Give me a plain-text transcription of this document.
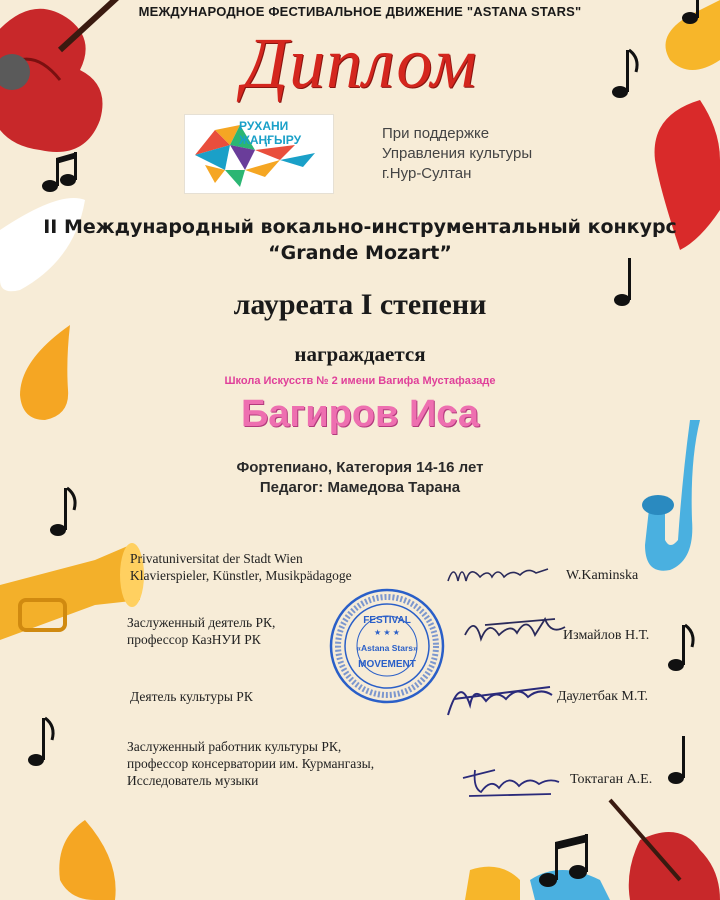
МЕЖДУНАРОДНОЕ ФЕСТИВАЛЬНОЕ ДВИЖЕНИЕ "ASTANA STARS"
Диплом
РУХАНИ
ЖАҢҒЫРУ	При поддержке
Управления культуры
г.Нур-Султан
II Международный вокально-инструментальный конкурс
“Grande Mozart”
лауреата I степени
награждается
Школа Искусств № 2 имени Вагифа Мустафазаде
Багиров Иса
Фортепиано, Категория 14-16 лет
Педагог: Мамедова Тарана
Privatuniversitat der Stadt Wien
Klavierspieler, Künstler, Musikpädagoge	W.Kaminska
Заслуженный деятель РК,
профессор КазНУИ РК	Измайлов Н.Т.
Деятель культуры РК	Даулетбак М.Т.
Заслуженный работник культуры РК,
профессор консерватории им. Курмангазы,
Исследователь музыки	Токтаган А.Е.
FESTIVAL
★ ★ ★
«Astana Stars»
MOVEMENT
